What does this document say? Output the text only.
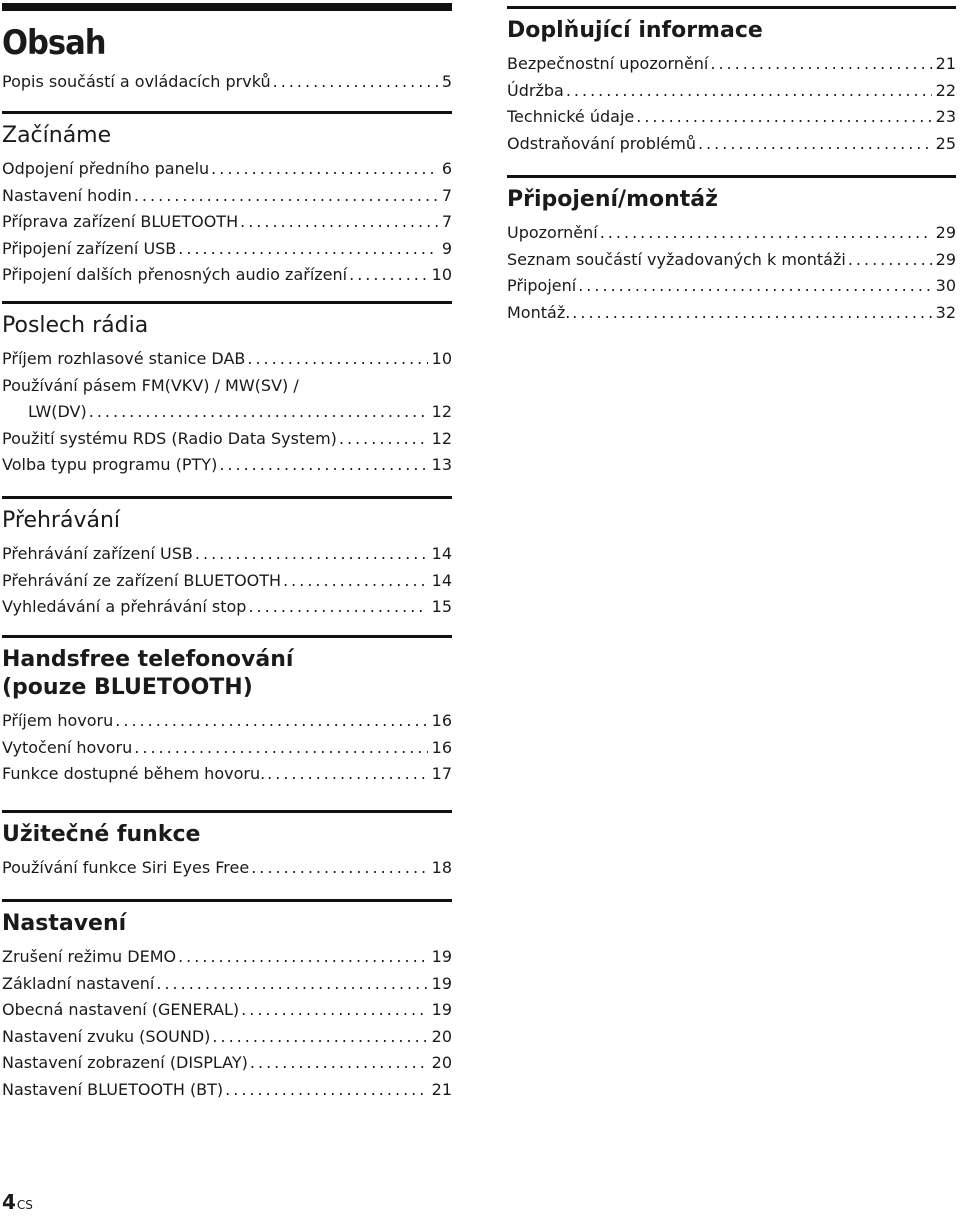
Obsah
Popis součástí a ovládacích prvků .....	5
Začínáme
Odpojení předního panelu .....	6
Nastavení hodin .....	7
Příprava zařízení BLUETOOTH .....	7
Připojení zařízení USB .....	9
Připojení dalších přenosných audio zařízení .....	10
Poslech rádia
Příjem rozhlasové stanice DAB .....	10
Používání pásem FM(VKV) / MW(SV) /
LW(DV) .....	12
Použití systému RDS (Radio Data System) .....	12
Volba typu programu (PTY) .....	13
Přehrávání
Přehrávání zařízení USB .....	14
Přehrávání ze zařízení BLUETOOTH .....	14
Vyhledávání a přehrávání stop .....	15
Handsfree telefonování
(pouze BLUETOOTH)
Příjem hovoru .....	16
Vytočení hovoru .....	16
Funkce dostupné během hovoru. .....	17
Užitečné funkce
Používání funkce Siri Eyes Free .....	18
Nastavení
Zrušení režimu DEMO .....	19
Základní nastavení .....	19
Obecná nastavení (GENERAL) .....	19
Nastavení zvuku (SOUND) .....	20
Nastavení zobrazení (DISPLAY) .....	20
Nastavení BLUETOOTH (BT) .....	21
Doplňující informace
Bezpečnostní upozornění .....	21
Údržba .....	22
Technické údaje .....	23
Odstraňování problémů .....	25
Připojení/montáž
Upozornění .....	29
Seznam součástí vyžadovaných k montáži .....	29
Připojení .....	30
Montáž. .....	32
4CS
